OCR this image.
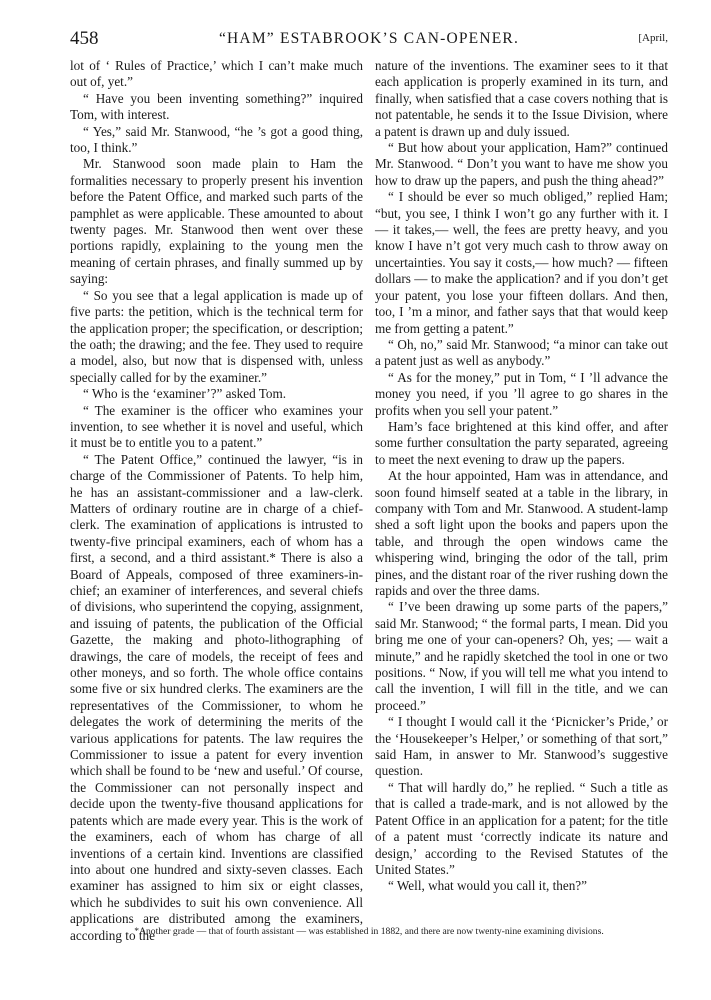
458	“HAM” ESTABROOK’S CAN-OPENER.	[April,

lot of ‘ Rules of Practice,’ which I can’t make much out of, yet.”

“ Have you been inventing something?” inquired Tom, with interest.

“ Yes,” said Mr. Stanwood, “he ’s got a good thing, too, I think.”

Mr. Stanwood soon made plain to Ham the formalities necessary to properly present his invention before the Patent Office, and marked such parts of the pamphlet as were applicable. These amounted to about twenty pages. Mr. Stanwood then went over these portions rapidly, explaining to the young men the meaning of certain phrases, and finally summed up by saying:

“ So you see that a legal application is made up of five parts: the petition, which is the technical term for the application proper; the specification, or description; the oath; the drawing; and the fee. They used to require a model, also, but now that is dispensed with, unless specially called for by the examiner.”

“ Who is the ‘examiner’?” asked Tom.

“ The examiner is the officer who examines your invention, to see whether it is novel and useful, which it must be to entitle you to a patent.”

“ The Patent Office,” continued the lawyer, “is in charge of the Commissioner of Patents. To help him, he has an assistant-commissioner and a law-clerk. Matters of ordinary routine are in charge of a chief-clerk. The examination of applications is intrusted to twenty-five principal examiners, each of whom has a first, a second, and a third assistant.* There is also a Board of Appeals, composed of three examiners-in-chief; an examiner of interferences, and several chiefs of divisions, who superintend the copying, assignment, and issuing of patents, the publication of the Official Gazette, the making and photo-lithographing of drawings, the care of models, the receipt of fees and other moneys, and so forth. The whole office contains some five or six hundred clerks. The examiners are the representatives of the Commissioner, to whom he delegates the work of determining the merits of the various applications for patents. The law requires the Commissioner to issue a patent for every invention which shall be found to be ‘new and useful.’ Of course, the Commissioner can not personally inspect and decide upon the twenty-five thousand applications for patents which are made every year. This is the work of the examiners, each of whom has charge of all inventions of a certain kind. Inventions are classified into about one hundred and sixty-seven classes. Each examiner has assigned to him six or eight classes, which he subdivides to suit his own convenience. All applications are distributed among the examiners, according to the

nature of the inventions. The examiner sees to it that each application is properly examined in its turn, and finally, when satisfied that a case covers nothing that is not patentable, he sends it to the Issue Division, where a patent is drawn up and duly issued.

“ But how about your application, Ham?” continued Mr. Stanwood. “ Don’t you want to have me show you how to draw up the papers, and push the thing ahead?”

“ I should be ever so much obliged,” replied Ham; “but, you see, I think I won’t go any further with it. I — it takes,— well, the fees are pretty heavy, and you know I have n’t got very much cash to throw away on uncertainties. You say it costs,— how much? — fifteen dollars — to make the application? and if you don’t get your patent, you lose your fifteen dollars. And then, too, I ’m a minor, and father says that that would keep me from getting a patent.”

“ Oh, no,” said Mr. Stanwood; “a minor can take out a patent just as well as anybody.”

“ As for the money,” put in Tom, “ I ’ll advance the money you need, if you ’ll agree to go shares in the profits when you sell your patent.”

Ham’s face brightened at this kind offer, and after some further consultation the party separated, agreeing to meet the next evening to draw up the papers.

At the hour appointed, Ham was in attendance, and soon found himself seated at a table in the library, in company with Tom and Mr. Stanwood. A student-lamp shed a soft light upon the books and papers upon the table, and through the open windows came the whispering wind, bringing the odor of the tall, prim pines, and the distant roar of the river rushing down the rapids and over the three dams.

“ I’ve been drawing up some parts of the papers,” said Mr. Stanwood; “ the formal parts, I mean. Did you bring me one of your can-openers? Oh, yes; — wait a minute,” and he rapidly sketched the tool in one or two positions. “ Now, if you will tell me what you intend to call the invention, I will fill in the title, and we can proceed.”

“ I thought I would call it the ‘Picnicker’s Pride,’ or the ‘Housekeeper’s Helper,’ or something of that sort,” said Ham, in answer to Mr. Stanwood’s suggestive question.

“ That will hardly do,” he replied. “ Such a title as that is called a trade-mark, and is not allowed by the Patent Office in an application for a patent; for the title of a patent must ‘correctly indicate its nature and design,’ according to the Revised Statutes of the United States.”

“ Well, what would you call it, then?”

*Another grade — that of fourth assistant — was established in 1882, and there are now twenty-nine examining divisions.
